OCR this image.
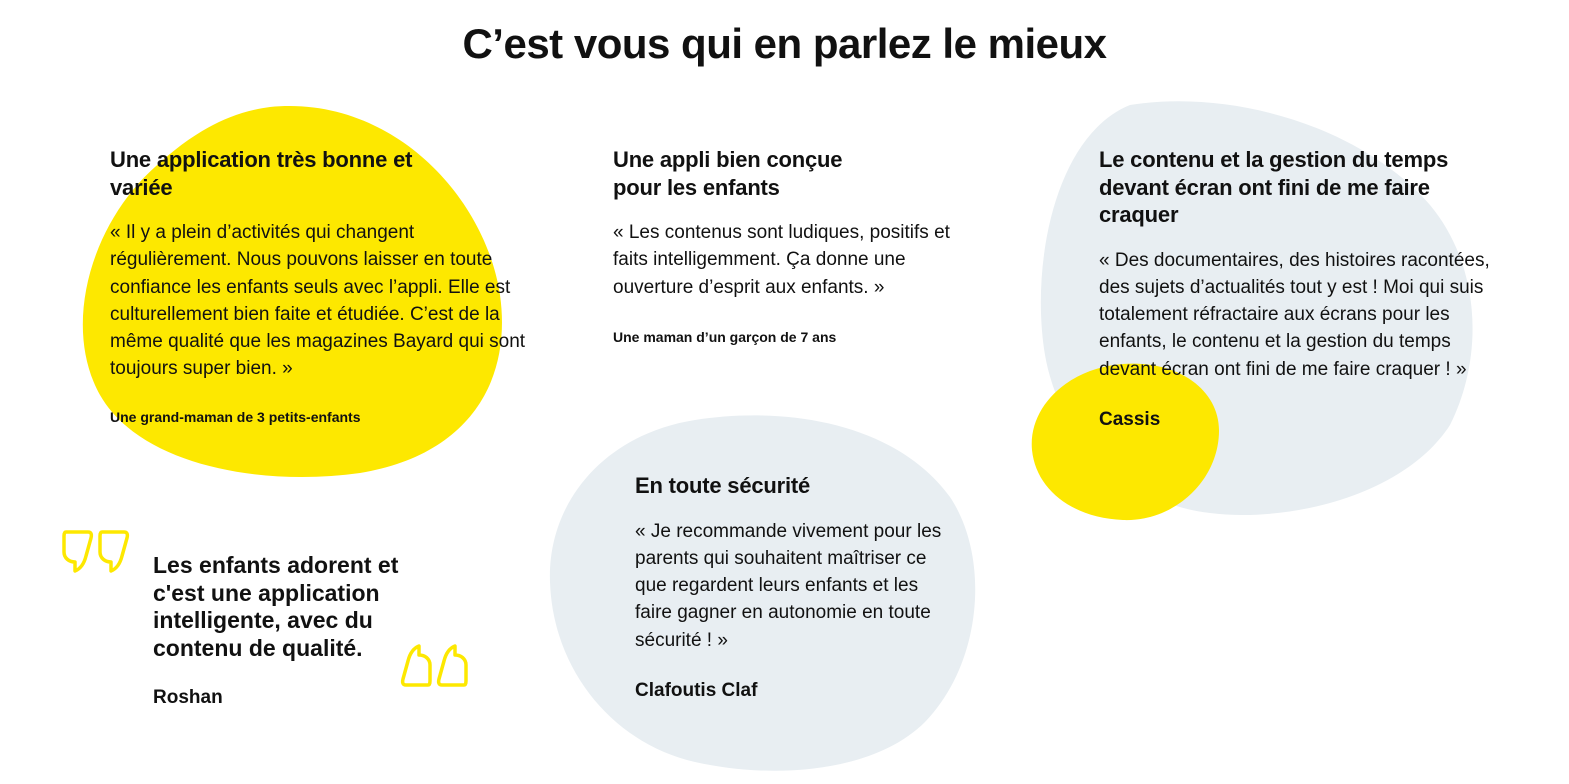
C’est vous qui en parlez le mieux
Une application très bonne et variée

« Il y a plein d’activités qui changent régulièrement. Nous pouvons laisser en toute confiance les enfants seuls avec l’appli. Elle est culturellement bien faite et étudiée. C’est de la même qualité que les magazines Bayard qui sont toujours super bien. »

Une grand-maman de 3 petits-enfants
Une appli bien conçue pour les enfants

« Les contenus sont ludiques, positifs et faits intelligemment. Ça donne une ouverture d’esprit aux enfants. »

Une maman d’un garçon de 7 ans
Le contenu et la gestion du temps devant écran ont fini de me faire craquer

« Des documentaires, des histoires racontées, des sujets d’actualités tout y est ! Moi qui suis totalement réfractaire aux écrans pour les enfants, le contenu et la gestion du temps devant écran ont fini de me faire craquer ! »

Cassis
En toute sécurité

« Je recommande vivement pour les parents qui souhaitent maîtriser ce que regardent leurs enfants et les faire gagner en autonomie en toute sécurité ! »

Clafoutis Claf
Les enfants adorent et c'est une application intelligente, avec du contenu de qualité.
Roshan
